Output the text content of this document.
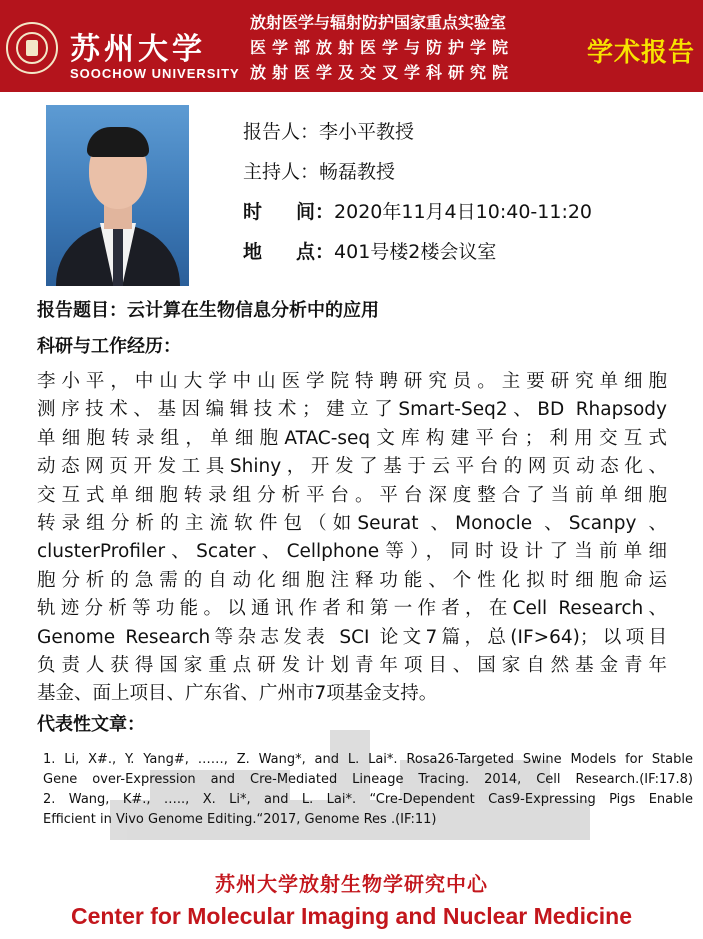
苏州大学
SOOCHOW UNIVERSITY
放射医学与辐射防护国家重点实验室
医学部放射医学与防护学院
放射医学及交叉学科研究院
学术报告
报告人：李小平教授
主持人：畅磊教授
时 间：2020年11月4日10:40-11:20
地 点：401号楼2楼会议室
报告题目：云计算在生物信息分析中的应用
科研与工作经历：
李小平，中山大学中山医学院特聘研究员。主要研究单细胞
测序技术、基因编辑技术；建立了Smart-Seq2、BD Rhapsody
单细胞转录组，单细胞ATAC-seq文库构建平台；利用交互式
动态网页开发工具Shiny，开发了基于云平台的网页动态化、
交互式单细胞转录组分析平台。平台深度整合了当前单细胞
转录组分析的主流软件包（如Seurat 、Monocle 、Scanpy 、
clusterProfiler、Scater、Cellphone等），同时设计了当前单细
胞分析的急需的自动化细胞注释功能、个性化拟时细胞命运
轨迹分析等功能。以通讯作者和第一作者，在Cell Research、
Genome Research等杂志发表 SCI 论文7篇，总(IF>64)；以项目
负责人获得国家重点研发计划青年项目、国家自然基金青年
基金、面上项目、广东省、广州市7项基金支持。
代表性文章：
1. Li, X#., Y. Yang#, ……, Z. Wang*, and L. Lai*. Rosa26-Targeted Swine Models for Stable
Gene over-Expression and Cre-Mediated Lineage Tracing. 2014, Cell Research.(IF:17.8)
2. Wang, K#., ….., X. Li*, and L. Lai*. “Cre-Dependent Cas9-Expressing Pigs Enable
Efficient in Vivo Genome Editing.“2017, Genome Res .(IF:11)
苏州大学放射生物学研究中心
Center for Molecular Imaging and Nuclear Medicine
